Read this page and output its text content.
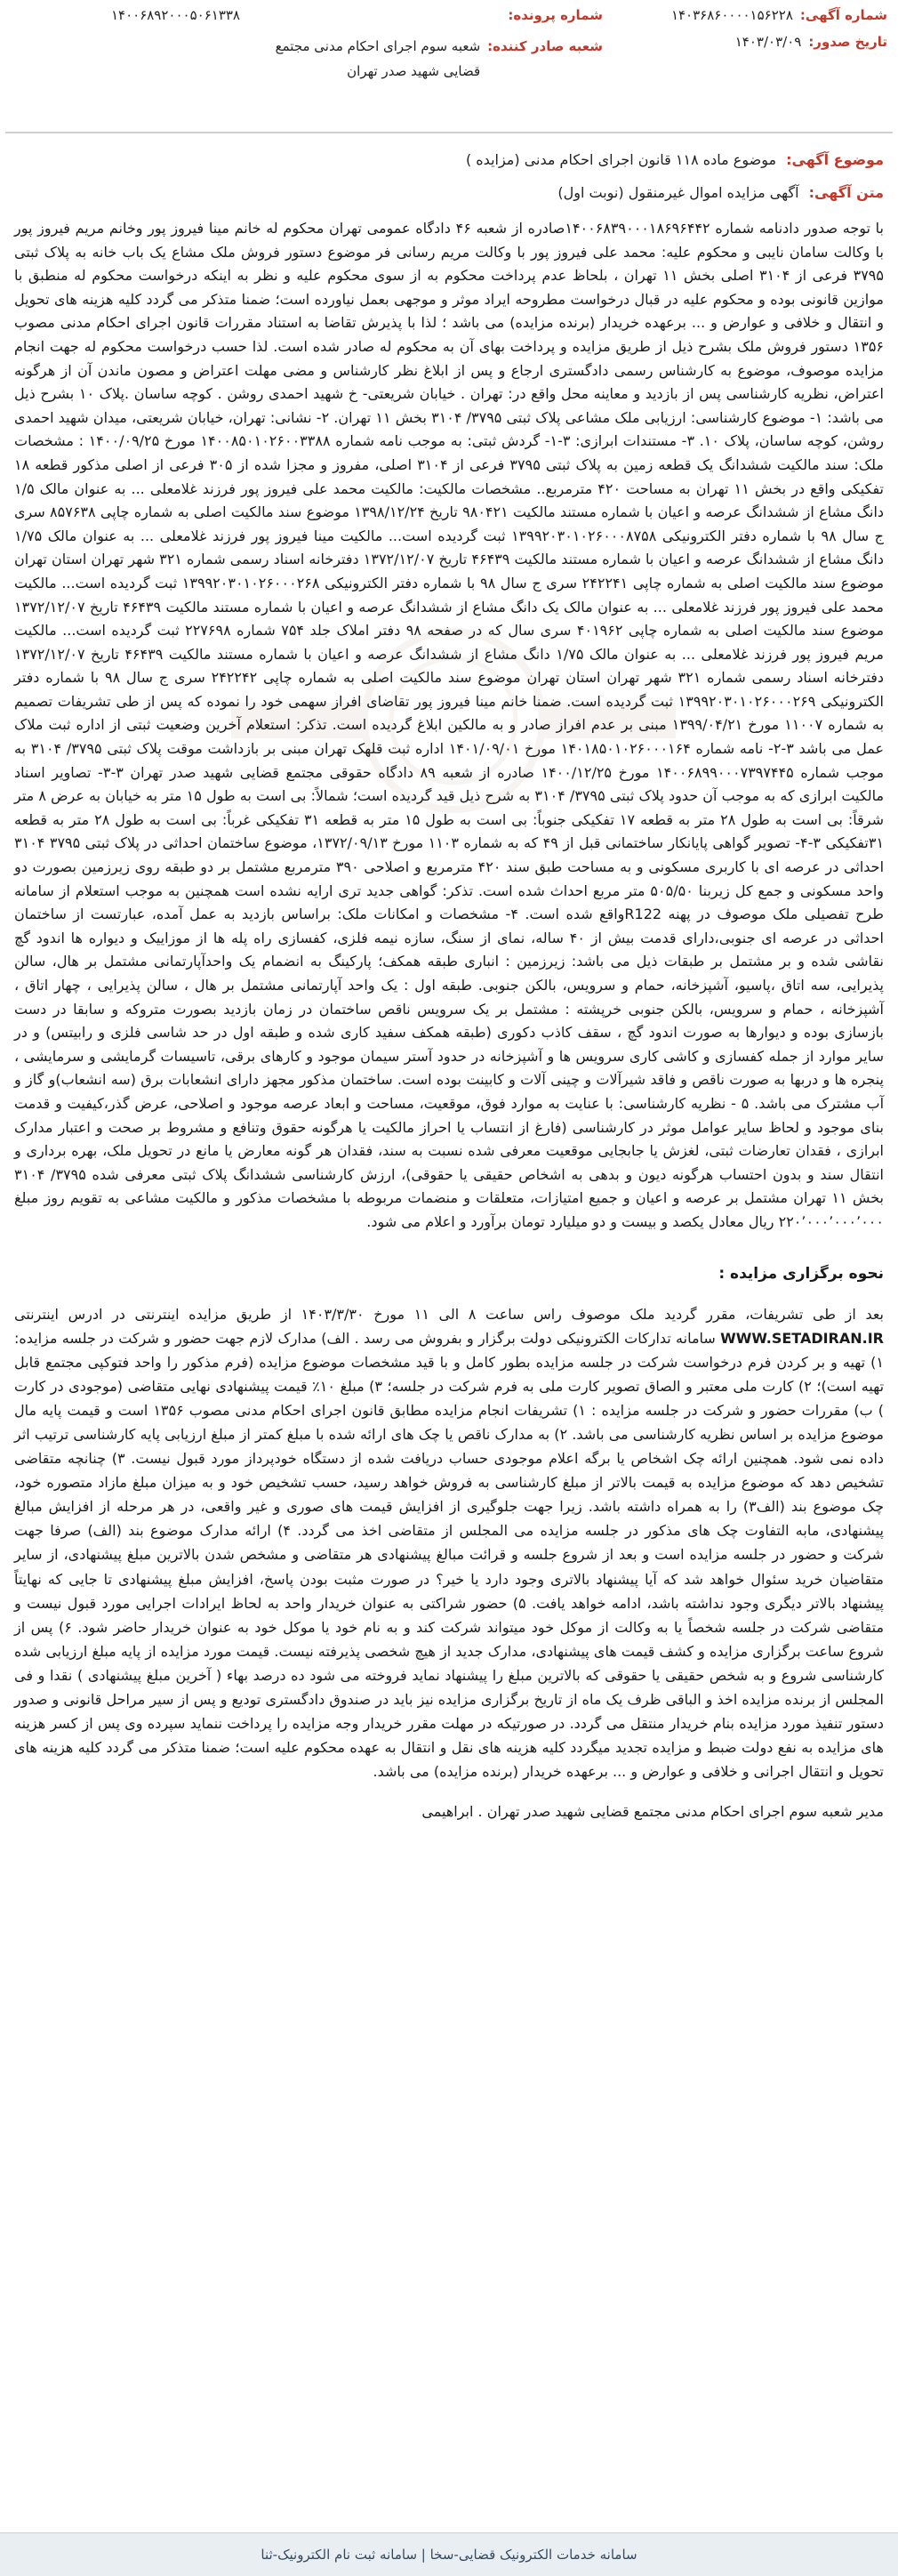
شماره آگهی:
۱۴۰۳۶۸۶۰۰۰۰۱۵۶۲۲۸
تاریخ صدور:
۱۴۰۳/۰۳/۰۹
شماره پرونده:
شعبه صادر کننده:
شعبه سوم اجرای احکام مدنی مجتمع قضایی شهید صدر تهران
۱۴۰۰۶۸۹۲۰۰۰۵۰۶۱۳۳۸
موضوع آگهی: موضوع ماده ۱۱۸ قانون اجرای احکام مدنی (مزایده )
متن آگهی: آگهی مزایده اموال غیرمنقول (نوبت اول)

با توجه صدور دادنامه شماره ۱۴۰۰۶۸۳۹۰۰۰۱۸۶۹۶۴۴۲صادره از شعبه ۴۶ دادگاه عمومی تهران محکوم له خانم مینا فیروز پور وخانم مریم فیروز پور با وکالت سامان نایبی و محکوم علیه: محمد علی فیروز پور با وکالت مریم رسانی فر موضوع دستور فروش ملک مشاع یک باب خانه به پلاک ثبتی ۳۷۹۵ فرعی از ۳۱۰۴ اصلی بخش ۱۱ تهران ، بلحاظ عدم پرداخت محکوم به از سوی محکوم علیه و نظر به اینکه درخواست محکوم له منطبق با موازین قانونی بوده و محکوم علیه در قبال درخواست مطروحه ایراد موثر و موجهی بعمل نیاورده است؛ ضمنا متذکر می گردد کلیه هزینه های تحویل و انتقال و خلافی و عوارض و ... برعهده خریدار (برنده مزایده) می باشد ؛ لذا با پذیرش تقاضا به استناد مقررات قانون اجرای احکام مدنی مصوب ۱۳۵۶ دستور فروش ملک بشرح ذیل از طریق مزایده و پرداخت بهای آن به محکوم له صادر شده است. لذا حسب درخواست محکوم له جهت انجام مزایده موصوف، موضوع به کارشناس رسمی دادگستری ارجاع و پس از ابلاغ نظر کارشناس و مضی مهلت اعتراض و مصون ماندن آن از هرگونه اعتراض، نظریه کارشناسی پس از بازدید و معاینه محل واقع در: تهران . خیابان شریعتی- خ شهید احمدی روشن . کوچه ساسان .پلاک ۱۰ بشرح ذیل می باشد: ۱- موضوع کارشناسی: ارزیابی ملک مشاعی پلاک ثبتی ۳۷۹۵/ ۳۱۰۴ بخش ۱۱ تهران. ۲- نشانی: تهران، خیابان شریعتی، میدان شهید احمدی روشن، کوچه ساسان، پلاک ۱۰. ۳- مستندات ابرازی: ۳-۱- گردش ثبتی: به موجب نامه شماره ۱۴۰۰۸۵۰۱۰۲۶۰۰۳۳۸۸ مورخ ۱۴۰۰/۰۹/۲۵ : مشخصات ملک: سند مالکیت ششدانگ یک قطعه زمین به پلاک ثبتی ۳۷۹۵ فرعی از ۳۱۰۴ اصلی، مفروز و مجزا شده از ۳۰۵ فرعی از اصلی مذکور قطعه ۱۸ تفکیکی واقع در بخش ۱۱ تهران به مساحت ۴۲۰ مترمربع.. مشخصات مالکیت: مالکیت محمد علی فیروز پور فرزند غلامعلی ... به عنوان مالک ۱/۵ دانگ مشاع از ششدانگ عرصه و اعیان با شماره مستند مالکیت ۹۸۰۴۲۱ تاریخ ۱۳۹۸/۱۲/۲۴ موضوع سند مالکیت اصلی به شماره چاپی ۸۵۷۶۳۸ سری ج سال ۹۸ با شماره دفتر الکترونیکی ۱۳۹۹۲۰۳۰۱۰۲۶۰۰۰۸۷۵۸ ثبت گردیده است... مالکیت مینا فیروز پور فرزند غلامعلی ... به عنوان مالک ۱/۷۵ دانگ مشاع از ششدانگ عرصه و اعیان با شماره مستند مالکیت ۴۶۴۳۹ تاریخ ۱۳۷۲/۱۲/۰۷ دفترخانه اسناد رسمی شماره ۳۲۱ شهر تهران استان تهران موضوع سند مالکیت اصلی به شماره چاپی ۲۴۲۲۴۱ سری ج سال ۹۸ با شماره دفتر الکترونیکی ۱۳۹۹۲۰۳۰۱۰۲۶۰۰۰۲۶۸ ثبت گردیده است... مالکیت محمد علی فیروز پور فرزند غلامعلی ... به عنوان مالک یک دانگ مشاع از ششدانگ عرصه و اعیان با شماره مستند مالکیت ۴۶۴۳۹ تاریخ ۱۳۷۲/۱۲/۰۷ موضوع سند مالکیت اصلی به شماره چاپی ۴۰۱۹۶۲ سری سال که در صفحه ۹۸ دفتر املاک جلد ۷۵۴ شماره ۲۲۷۶۹۸ ثبت گردیده است... مالکیت مریم فیروز پور فرزند غلامعلی ... به عنوان مالک ۱/۷۵ دانگ مشاع از ششدانگ عرصه و اعیان با شماره مستند مالکیت ۴۶۴۳۹ تاریخ ۱۳۷۲/۱۲/۰۷ دفترخانه اسناد رسمی شماره ۳۲۱ شهر تهران استان تهران موضوع سند مالکیت اصلی به شماره چاپی ۲۴۲۲۴۲ سری ج سال ۹۸ با شماره دفتر الکترونیکی ۱۳۹۹۲۰۳۰۱۰۲۶۰۰۰۲۶۹ ثبت گردیده است. ضمنا خانم مینا فیروز پور تقاضای افراز سهمی خود را نموده که پس از طی تشریفات تصمیم به شماره ۱۱۰۰۷ مورخ ۱۳۹۹/۰۴/۲۱ مبنی بر عدم افراز صادر و به مالکین ابلاغ گردیده است. تذکر: استعلام آخرین وضعیت ثبتی از اداره ثبت ملاک عمل می باشد ۳-۲- نامه شماره ۱۴۰۱۸۵۰۱۰۲۶۰۰۰۱۶۴ مورخ ۱۴۰۱/۰۹/۰۱ اداره ثبت قلهک تهران مبنی بر بازداشت موقت پلاک ثبتی ۳۷۹۵/ ۳۱۰۴ به موجب شماره ۱۴۰۰۶۸۹۹۰۰۰۷۳۹۷۴۴۵ مورخ ۱۴۰۰/۱۲/۲۵ صادره از شعبه ۸۹ دادگاه حقوقی مجتمع قضایی شهید صدر تهران ۳-۳- تصاویر اسناد مالکیت ابرازی که به موجب آن حدود پلاک ثبتی ۳۷۹۵/ ۳۱۰۴ به شرح ذیل قید گردیده است؛ شمالاً: بی است به طول ۱۵ متر به خیابان به عرض ۸ متر شرقاً: بی است به طول ۲۸ متر به قطعه ۱۷ تفکیکی جنوباً: بی است به طول ۱۵ متر به قطعه ۳۱ تفکیکی غرباً: بی است به طول ۲۸ متر به قطعه ۳۱تفکیکی ۳-۴- تصویر گواهی پایانکار ساختمانی قبل از ۴۹ که به شماره ۱۱۰۳ مورخ ۱۳۷۲/۰۹/۱۳، موضوع ساختمان احداثی در پلاک ثبتی ۳۷۹۵ ۳۱۰۴ احداثی در عرصه ای با کاربری مسکونی و به مساحت طبق سند ۴۲۰ مترمربع و اصلاحی ۳۹۰ مترمربع مشتمل بر دو طبقه روی زیرزمین بصورت دو واحد مسکونی و جمع کل زیربنا ۵۰۵/۵۰ متر مربع احداث شده است. تذکر: گواهی جدید تری ارایه نشده است همچنین به موجب استعلام از سامانه طرح تفصیلی ملک موصوف در پهنه R122واقع شده است. ۴- مشخصات و امکانات ملک: براساس بازدید به عمل آمده، عبارتست از ساختمان احداثی در عرصه ای جنوبی،دارای قدمت بیش از ۴۰ ساله، نمای از سنگ، سازه نیمه فلزی، کفسازی راه پله ها از موزاییک و دیواره ها اندود گچ نقاشی شده و بر مشتمل بر طبقات ذیل می باشد: زیرزمین : انباری طبقه همکف؛ پارکینگ به انضمام یک واحدآپارتمانی مشتمل بر هال، سالن پذیرایی، سه اتاق ،پاسیو، آشپزخانه، حمام و سرویس، بالکن جنوبی. طبقه اول : یک واحد آپارتمانی مشتمل بر هال ، سالن پذیرایی ، چهار اتاق ، آشپزخانه ، حمام و سرویس، بالکن جنوبی خرپشته : مشتمل بر یک سرویس ناقص ساختمان در زمان بازدید بصورت متروکه و سابقا در دست بازسازی بوده و دیوارها به صورت اندود گچ ، سقف کاذب دکوری (طبقه همکف سفید کاری شده و طبقه اول در حد شاسی فلزی و رابیتس) و در سایر موارد از جمله کفسازی و کاشی کاری سرویس ها و آشپزخانه در حدود آستر سیمان موجود و کارهای برقی، تاسیسات گرمایشی و سرمایشی ، پنجره ها و دربها به صورت ناقص و فاقد شیرآلات و چینی آلات و کابینت بوده است. ساختمان مذکور مجهز دارای انشعابات برق (سه انشعاب)و گاز و آب مشترک می باشد. ۵ - نظریه کارشناسی: با عنایت به موارد فوق، موقعیت، مساحت و ابعاد عرصه موجود و اصلاحی، عرض گذر،کیفیت و قدمت بنای موجود و لحاظ سایر عوامل موثر در کارشناسی (فارغ از انتساب یا احراز مالکیت یا هرگونه حقوق وتنافع و مشروط بر صحت و اعتبار مدارک ابرازی ، فقدان تعارضات ثبتی، لغزش یا جابجایی موقعیت معرفی شده نسبت به سند، فقدان هر گونه معارض یا مانع در تحویل ملک، بهره برداری و انتقال سند و بدون احتساب هرگونه دیون و بدهی به اشخاص حقیقی یا حقوقی)، ارزش کارشناسی ششدانگ پلاک ثبتی معرفی شده ۳۷۹۵/ ۳۱۰۴ بخش ۱۱ تهران مشتمل بر عرصه و اعیان و جمیع امتیازات، متعلقات و منضمات مربوطه با مشخصات مذکور و مالکیت مشاعی به تقویم روز مبلغ ۲۲۰٬۰۰۰٬۰۰۰٬۰۰۰ ریال معادل یکصد و بیست و دو میلیارد تومان برآورد و اعلام می شود.

نحوه برگزاری مزایده :

بعد از طی تشریفات، مقرر گردید ملک موصوف راس ساعت ۸ الی ۱۱ مورخ ۱۴۰۳/۳/۳۰ از طریق مزایده اینترنتی در ادرس اینترنتی WWW.SETADIRAN.IR سامانه تدارکات الکترونیکی دولت برگزار و بفروش می رسد . الف) مدارک لازم جهت حضور و شرکت در جلسه مزایده: ۱) تهیه و بر کردن فرم درخواست شرکت در جلسه مزایده بطور کامل و با قید مشخصات موضوع مزایده (فرم مذکور را واحد فتوکپی مجتمع قابل تهیه است)؛ ۲) کارت ملی معتبر و الصاق تصویر کارت ملی به فرم شرکت در جلسه؛ ۳) مبلغ ۱۰٪ قیمت پیشنهادی نهایی متقاضی (موجودی در کارت ) ب) مقررات حضور و شرکت در جلسه مزایده : ۱) تشریفات انجام مزایده مطابق قانون اجرای احکام مدنی مصوب ۱۳۵۶ است و قیمت پایه مال موضوع مزایده بر اساس نظریه کارشناسی می باشد. ۲) به مدارک ناقص یا چک های ارائه شده با مبلغ کمتر از مبلغ ارزیابی پایه کارشناسی ترتیب اثر داده نمی شود. همچنین ارائه چک اشخاص یا برگه اعلام موجودی حساب دریافت شده از دستگاه خودپرداز مورد قبول نیست. ۳) چنانچه متقاضی تشخیص دهد که موضوع مزایده به قیمت بالاتر از مبلغ کارشناسی به فروش خواهد رسید، حسب تشخیص خود و به میزان مبلغ مازاد متصوره خود، چک موضوع بند (الف۳) را به همراه داشته باشد. زیرا جهت جلوگیری از افزایش قیمت های صوری و غیر واقعی، در هر مرحله از افزایش مبالغ پیشنهادی، مابه التفاوت چک های مذکور در جلسه مزایده می المجلس از متقاضی اخذ می گردد. ۴) ارائه مدارک موضوع بند (الف) صرفا جهت شرکت و حضور در جلسه مزایده است و بعد از شروع جلسه و قرائت مبالغ پیشنهادی هر متقاضی و مشخص شدن بالاترین مبلغ پیشنهادی، از سایر متقاضیان خرید سئوال خواهد شد که آیا پیشنهاد بالاتری وجود دارد یا خیر؟ در صورت مثبت بودن پاسخ، افزایش مبلغ پیشنهادی تا جایی که نهایتاً پیشنهاد بالاتر دیگری وجود نداشته باشد، ادامه خواهد یافت. ۵) حضور شراکتی به عنوان خریدار واحد به لحاظ ایرادات اجرایی مورد قبول نیست و متقاضی شرکت در جلسه شخصاً یا به وکالت از موکل خود میتواند شرکت کند و به نام خود یا موکل خود به عنوان خریدار حاضر شود. ۶) پس از شروع ساعت برگزاری مزایده و کشف قیمت های پیشنهادی، مدارک جدید از هیچ شخصی پذیرفته نیست. قیمت مورد مزایده از پایه مبلغ ارزیابی شده کارشناسی شروع و به شخص حقیقی یا حقوقی که بالاترین مبلغ را پیشنهاد نماید فروخته می شود ده درصد بهاء ( آخرین مبلغ پیشنهادی ) نقدا و فی المجلس از برنده مزایده اخذ و الباقی ظرف یک ماه از تاریخ برگزاری مزایده نیز باید در صندوق دادگستری تودیع و پس از سیر مراحل قانونی و صدور دستور تنفیذ مورد مزایده بنام خریدار منتقل می گردد. در صورتیکه در مهلت مقرر خریدار وجه مزایده را پرداخت ننماید سپرده وی پس از کسر هزینه های مزایده به نفع دولت ضبط و مزایده تجدید میگردد کلیه هزینه های نقل و انتقال به عهده محکوم علیه است؛ ضمنا متذکر می گردد کلیه هزینه های تحویل و انتقال اجرانی و خلافی و عوارض و ... برعهده خریدار (برنده مزایده) می باشد.

مدیر شعبه سوم اجرای احکام مدنی مجتمع قضایی شهید صدر تهران . ابراهیمی
سامانه خدمات الکترونیک قضایی-سخا | سامانه ثبت نام الکترونیک-ثنا
